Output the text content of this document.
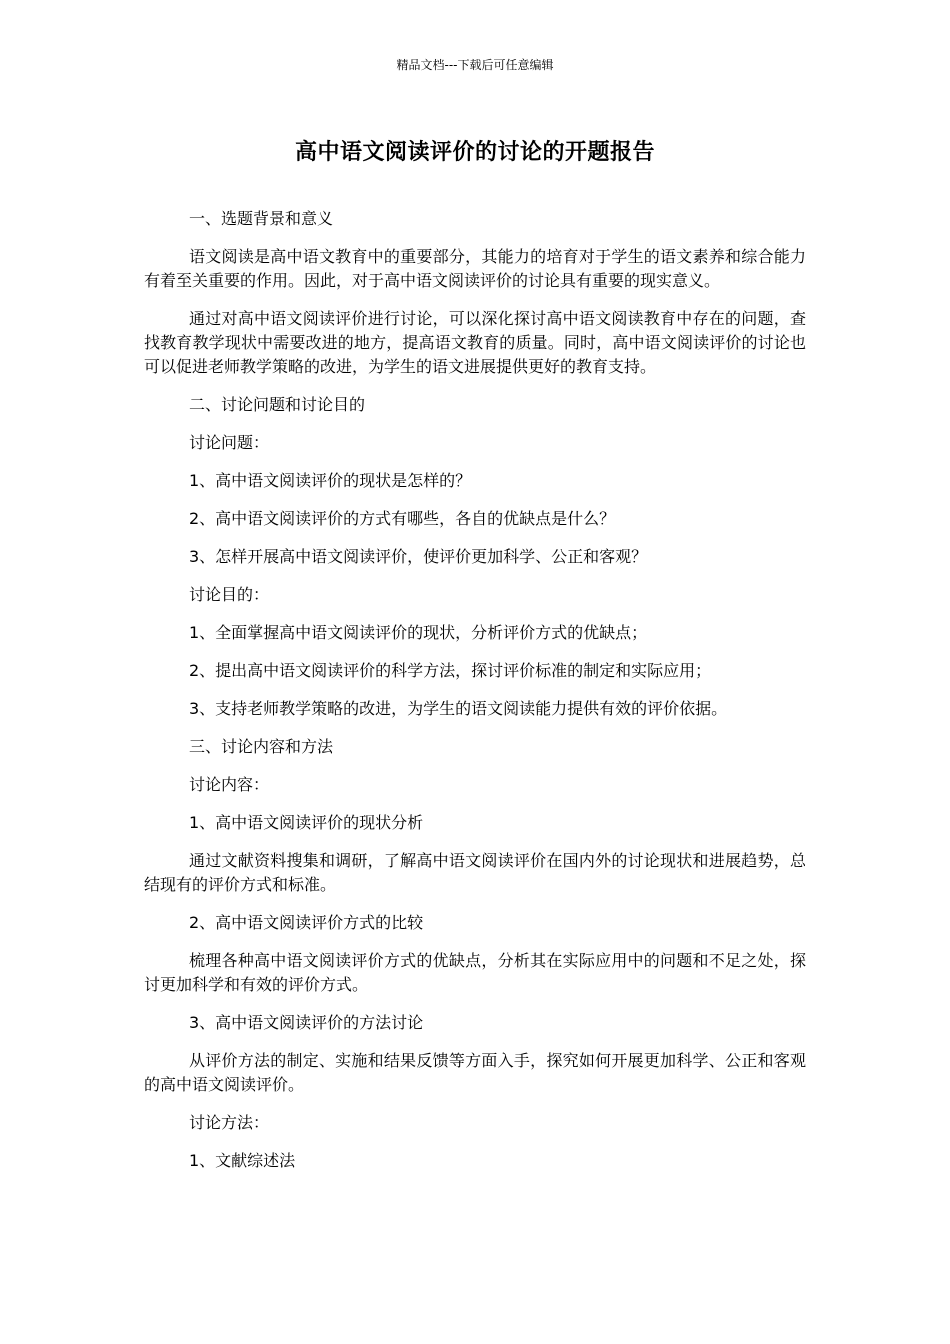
精品文档---下载后可任意编辑
高中语文阅读评价的讨论的开题报告

一、选题背景和意义

语文阅读是高中语文教育中的重要部分，其能力的培育对于学生的语文素养和综合能力有着至关重要的作用。因此，对于高中语文阅读评价的讨论具有重要的现实意义。

通过对高中语文阅读评价进行讨论，可以深化探讨高中语文阅读教育中存在的问题，查找教育教学现状中需要改进的地方，提高语文教育的质量。同时，高中语文阅读评价的讨论也可以促进老师教学策略的改进，为学生的语文进展提供更好的教育支持。

二、讨论问题和讨论目的

讨论问题：

1、高中语文阅读评价的现状是怎样的？

2、高中语文阅读评价的方式有哪些，各自的优缺点是什么？

3、怎样开展高中语文阅读评价，使评价更加科学、公正和客观？

讨论目的：

1、全面掌握高中语文阅读评价的现状，分析评价方式的优缺点；

2、提出高中语文阅读评价的科学方法，探讨评价标准的制定和实际应用；

3、支持老师教学策略的改进，为学生的语文阅读能力提供有效的评价依据。

三、讨论内容和方法

讨论内容：

1、高中语文阅读评价的现状分析

通过文献资料搜集和调研，了解高中语文阅读评价在国内外的讨论现状和进展趋势，总结现有的评价方式和标准。

2、高中语文阅读评价方式的比较

梳理各种高中语文阅读评价方式的优缺点，分析其在实际应用中的问题和不足之处，探讨更加科学和有效的评价方式。

3、高中语文阅读评价的方法讨论

从评价方法的制定、实施和结果反馈等方面入手，探究如何开展更加科学、公正和客观的高中语文阅读评价。

讨论方法：

1、文献综述法
